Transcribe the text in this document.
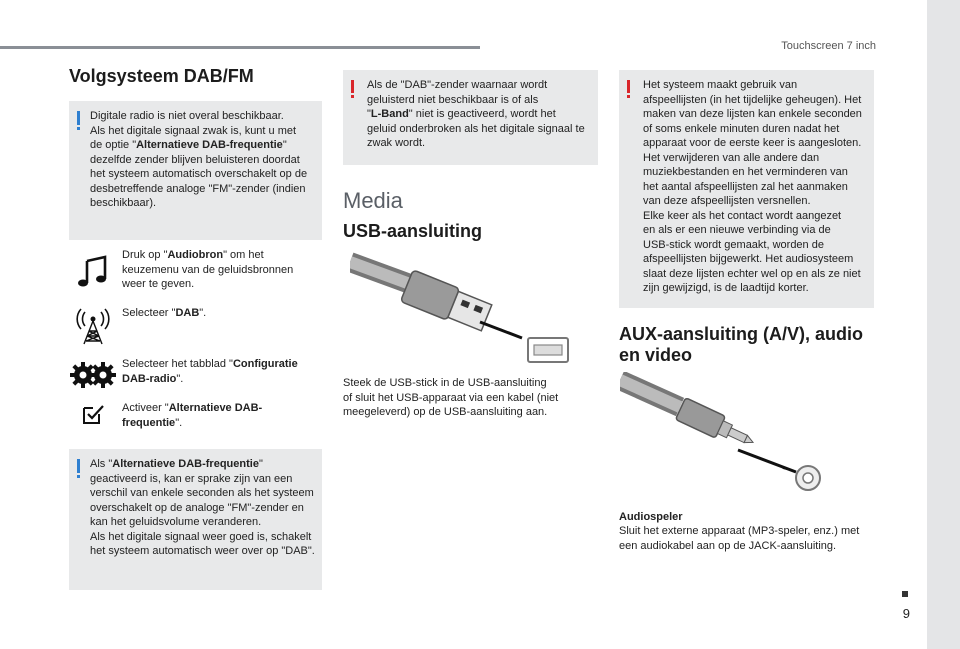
Touchscreen 7 inch
9
Volgsysteem DAB/FM

Digitale radio is niet overal beschikbaar.

Als het digitale signaal zwak is, kunt u met

de optie "Alternatieve DAB-frequentie"

dezelfde zender blijven beluisteren doordat

het systeem automatisch overschakelt op de

desbetreffende analoge "FM"-zender (indien

beschikbaar).

Druk op "Audiobron" om het
keuzemenu van de geluidsbronnen
weer te geven.
Selecteer "DAB".
Selecteer het tabblad "Configuratie
DAB-radio".
Activeer "Alternatieve DAB-
frequentie".

Als "Alternatieve DAB-frequentie"

geactiveerd is, kan er sprake zijn van een
verschil van enkele seconden als het systeem
overschakelt op de analoge "FM"-zender en
kan het geluidsvolume veranderen.
Als het digitale signaal weer goed is, schakelt
het systeem automatisch weer over op "DAB".

Als de "DAB"-zender waarnaar wordt

geluisterd niet beschikbaar is of als

"L-Band" niet is geactiveerd, wordt het

geluid onderbroken als het digitale signaal te

zwak wordt.

Media
USB-aansluiting
Steek de USB-stick in de USB-aansluiting
of sluit het USB-apparaat via een kabel (niet
meegeleverd) op de USB-aansluiting aan.

Het systeem maakt gebruik van
afspeellijsten (in het tijdelijke geheugen). Het
maken van deze lijsten kan enkele seconden
of soms enkele minuten duren nadat het
apparaat voor de eerste keer is aangesloten.
Het verwijderen van alle andere dan
muziekbestanden en het verminderen van
het aantal afspeellijsten zal het aanmaken
van deze afspeellijsten versnellen.
Elke keer als het contact wordt aangezet
en als er een nieuwe verbinding via de
USB-stick wordt gemaakt, worden de
afspeellijsten bijgewerkt. Het audiosysteem
slaat deze lijsten echter wel op en als ze niet
zijn gewijzigd, is de laadtijd korter.

AUX-aansluiting (A/V), audio
en video
Audiospeler
Sluit het externe apparaat (MP3-speler, enz.) met
een audiokabel aan op de JACK-aansluiting.
